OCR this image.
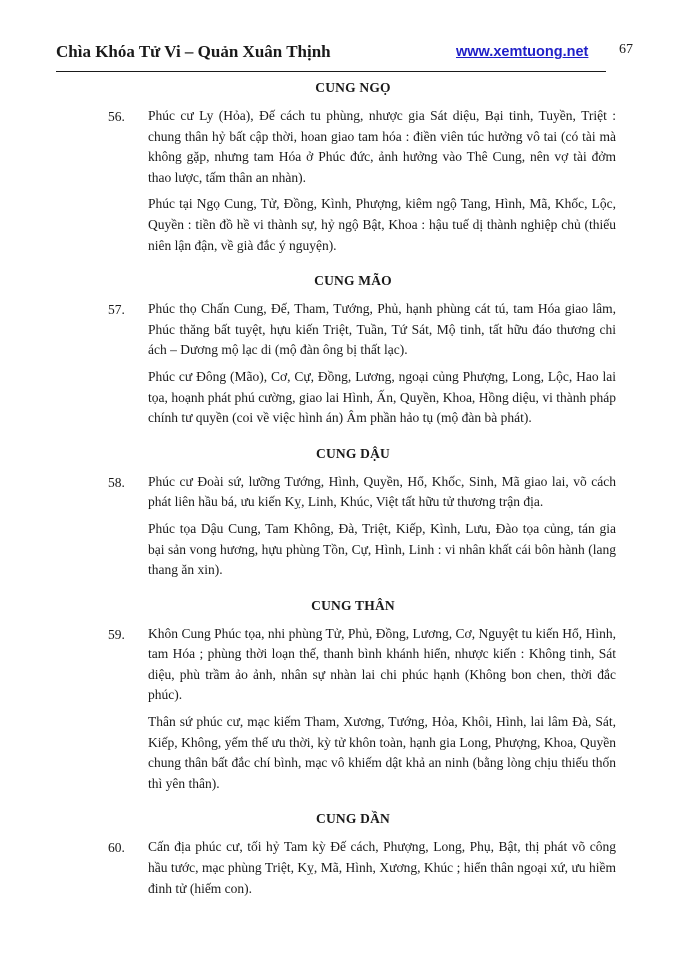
Chìa Khóa Tử Vi – Quản Xuân Thịnh	www.xemtuong.net 67
CUNG NGỌ
56. Phúc cư Ly (Hỏa), Đế cách tu phùng, nhược gia Sát diệu, Bại tinh, Tuyền, Triệt : chung thân hỷ bất cập thời, hoan giao tam hóa : điền viên túc hưởng vô tai (có tài mà không gặp, nhưng tam Hóa ở Phúc đức, ảnh hưởng vào Thê Cung, nên vợ tài đởm thao lược, tấm thân an nhàn).

Phúc tại Ngọ Cung, Tử, Đồng, Kình, Phượng, kiêm ngộ Tang, Hình, Mã, Khốc, Lộc, Quyền : tiền đồ hề vi thành sự, hỷ ngộ Bật, Khoa : hậu tuế dị thành nghiệp chủ (thiếu niên lận đận, về già đắc ý nguyện).

CUNG MÃO
57. Phúc thọ Chấn Cung, Đế, Tham, Tướng, Phủ, hạnh phùng cát tú, tam Hóa giao lâm, Phúc thăng bất tuyệt, hựu kiến Triệt, Tuần, Tứ Sát, Mộ tinh, tất hữu đáo thương chi ách – Dương mộ lạc di (mộ đàn ông bị thất lạc).

Phúc cư Đông (Mão), Cơ, Cự, Đồng, Lương, ngoại củng Phượng, Long, Lộc, Hao lai tọa, hoạnh phát phú cường, giao lai Hình, Ấn, Quyền, Khoa, Hồng diệu, vi thành pháp chính tư quyền (coi về việc hình án) Âm phần hảo tụ (mộ đàn bà phát).

CUNG DẬU
58. Phúc cư Đoài sứ, lưỡng Tướng, Hình, Quyền, Hổ, Khốc, Sinh, Mã giao lai, võ cách phát liên hầu bá, ưu kiến Kỵ, Linh, Khúc, Việt tất hữu tử thương trận địa.

Phúc tọa Dậu Cung, Tam Không, Đà, Triệt, Kiếp, Kình, Lưu, Đào tọa củng, tán gia bại sản vong hương, hựu phùng Tồn, Cự, Hình, Linh : vi nhân khất cái bôn hành (lang thang ăn xin).

CUNG THÂN
59. Khôn Cung Phúc tọa, nhi phùng Tử, Phủ, Đồng, Lương, Cơ, Nguyệt tu kiến Hổ, Hình, tam Hóa ; phùng thời loạn thế, thanh bình khánh hiển, nhược kiến : Không tinh, Sát diệu, phù trầm ảo ảnh, nhân sự nhàn lai chi phúc hạnh (Không bon chen, thời đắc phúc).

Thân sứ phúc cư, mạc kiếm Tham, Xương, Tướng, Hỏa, Khôi, Hình, lai lâm Đà, Sát, Kiếp, Không, yếm thế ưu thời, kỳ tử khôn toàn, hạnh gia Long, Phượng, Khoa, Quyền chung thân bất đắc chí bình, mạc vô khiếm dật khả an ninh (bằng lòng chịu thiếu thốn thì yên thân).

CUNG DẦN
60. Cấn địa phúc cư, tối hỷ Tam kỳ Đế cách, Phượng, Long, Phụ, Bật, thị phát võ công hầu tước, mạc phùng Triệt, Kỵ, Mã, Hình, Xương, Khúc ; hiển thân ngoại xứ, ưu hiềm đinh tử (hiếm con).
